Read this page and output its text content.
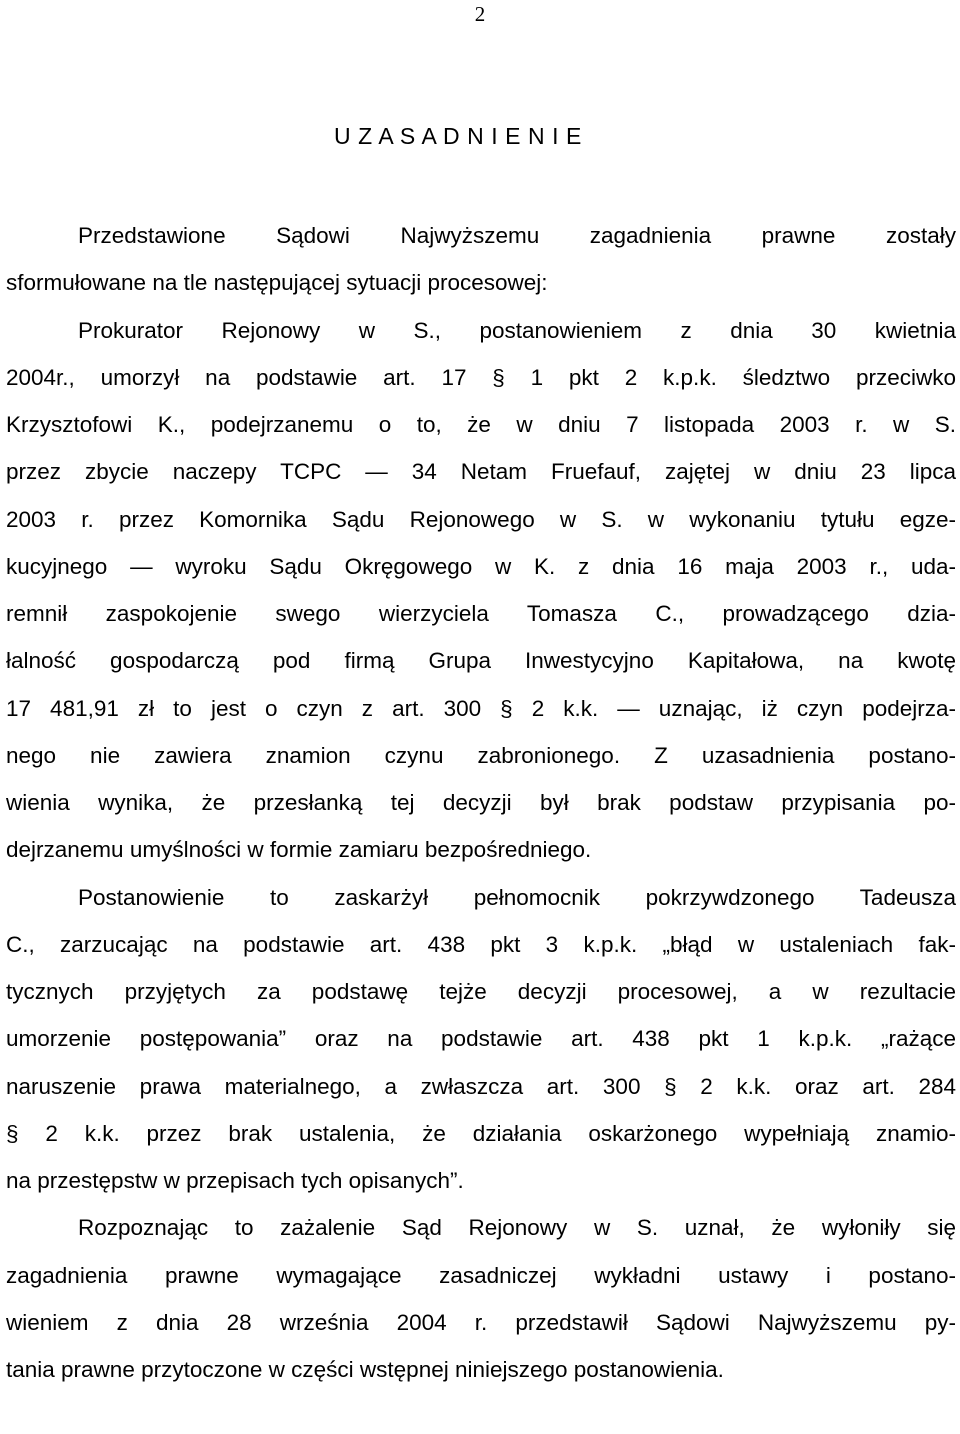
2
U Z A S A D N I E N I E
Przedstawione Sądowi Najwyższemu zagadnienia prawne zostały
sformułowane na tle następującej sytuacji procesowej:
Prokurator Rejonowy w S., postanowieniem z dnia 30 kwietnia
2004r., umorzył na podstawie art. 17 § 1 pkt 2 k.p.k. śledztwo przeciwko
Krzysztofowi K., podejrzanemu o to, że w dniu 7 listopada 2003 r. w S.
przez zbycie naczepy TCPC — 34 Netam Fruefauf, zajętej w dniu 23 lipca
2003 r. przez Komornika Sądu Rejonowego w S. w wykonaniu tytułu egze-
kucyjnego — wyroku Sądu Okręgowego w K. z dnia 16 maja 2003 r., uda-
remnił zaspokojenie swego wierzyciela Tomasza C., prowadzącego dzia-
łalność gospodarczą pod firmą Grupa Inwestycyjno Kapitałowa, na kwotę
17 481,91 zł to jest o czyn z art. 300 § 2 k.k. — uznając, iż czyn podejrza-
nego nie zawiera znamion czynu zabronionego. Z uzasadnienia postano-
wienia wynika, że przesłanką tej decyzji był brak podstaw przypisania po-
dejrzanemu umyślności w formie zamiaru bezpośredniego.
Postanowienie to zaskarżył pełnomocnik pokrzywdzonego Tadeusza
C., zarzucając na podstawie art. 438 pkt 3 k.p.k. „błąd w ustaleniach fak-
tycznych przyjętych za podstawę tejże decyzji procesowej, a w rezultacie
umorzenie postępowania” oraz na podstawie art. 438 pkt 1 k.p.k. „rażące
naruszenie prawa materialnego, a zwłaszcza art. 300 § 2 k.k. oraz art. 284
§ 2 k.k. przez brak ustalenia, że działania oskarżonego wypełniają znamio-
na przestępstw w przepisach tych opisanych”.
Rozpoznając to zażalenie Sąd Rejonowy w S. uznał, że wyłoniły się
zagadnienia prawne wymagające zasadniczej wykładni ustawy i postano-
wieniem z dnia 28 września 2004 r. przedstawił Sądowi Najwyższemu py-
tania prawne przytoczone w części wstępnej niniejszego postanowienia.
